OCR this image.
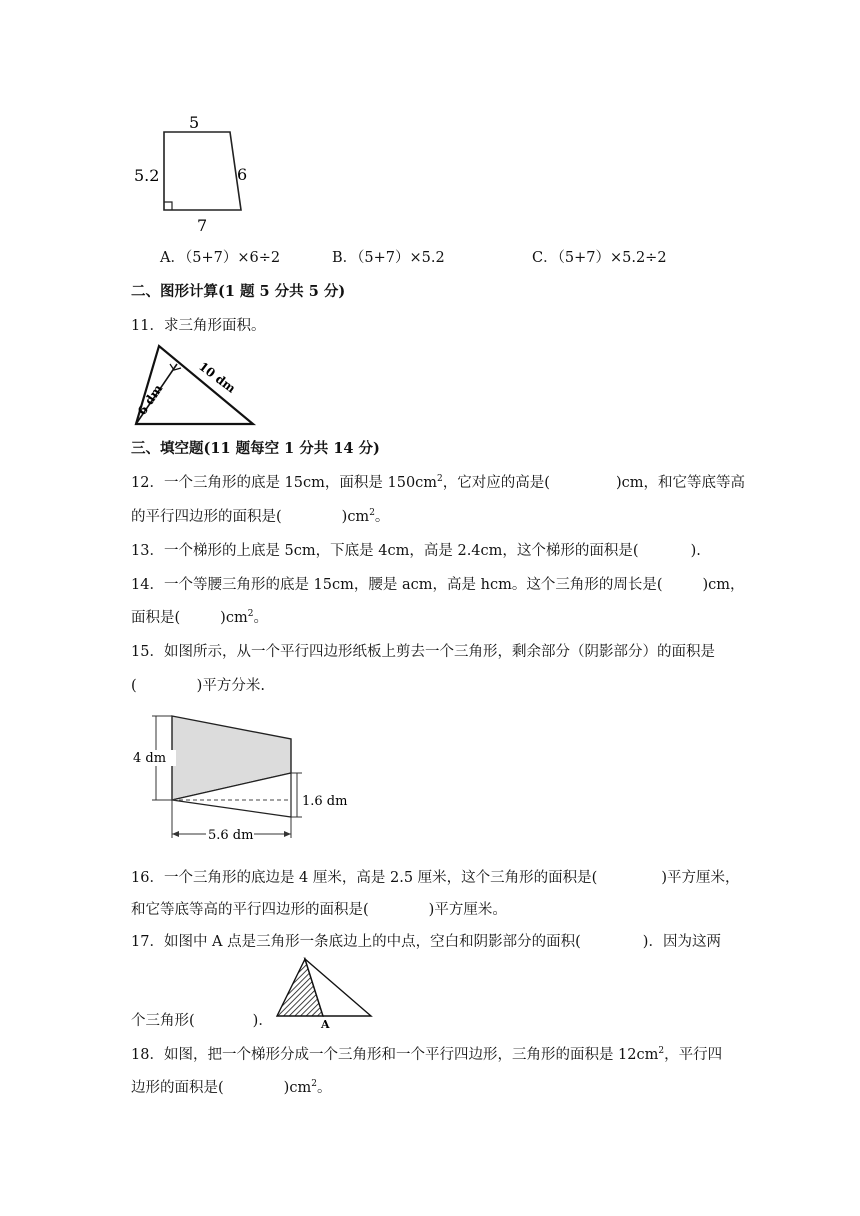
5
5.2	6
7
A．（5+7）×6÷2	B．（5+7）×5.2	C．（5+7）×5.2÷2
二、图形计算(1 题 5 分共 5 分)
11．求三角形面积。
10 dm
6 dm
三、填空题(11 题每空 1 分共 14 分)
12．一个三角形的底是 15cm，面积是 $150cm^2$，它对应的高是(	)cm，和它等底等高
的平行四边形的面积是(	)$cm^2$。
13．一个梯形的上底是 5cm，下底是 4cm，高是 2.4cm，这个梯形的面积是(	).
14．一个等腰三角形的底是 15cm，腰是 acm，高是 hcm。这个三角形的周长是(	)cm，
面积是(	)$cm^2$。
15．如图所示，从一个平行四边形纸板上剪去一个三角形，剩余部分（阴影部分）的面积是
(	)平方分米.
4 dm
1.6 dm
5.6 dm
16．一个三角形的底边是 4 厘米，高是 2.5 厘米，这个三角形的面积是(	)平方厘米，
和它等底等高的平行四边形的面积是(	)平方厘米。
17．如图中 A 点是三角形一条底边上的中点，空白和阴影部分的面积(	)．因为这两
个三角形(	)．	A
18．如图，把一个梯形分成一个三角形和一个平行四边形，三角形的面积是 $12cm^2$，平行四
边形的面积是(	)$cm^2$。
